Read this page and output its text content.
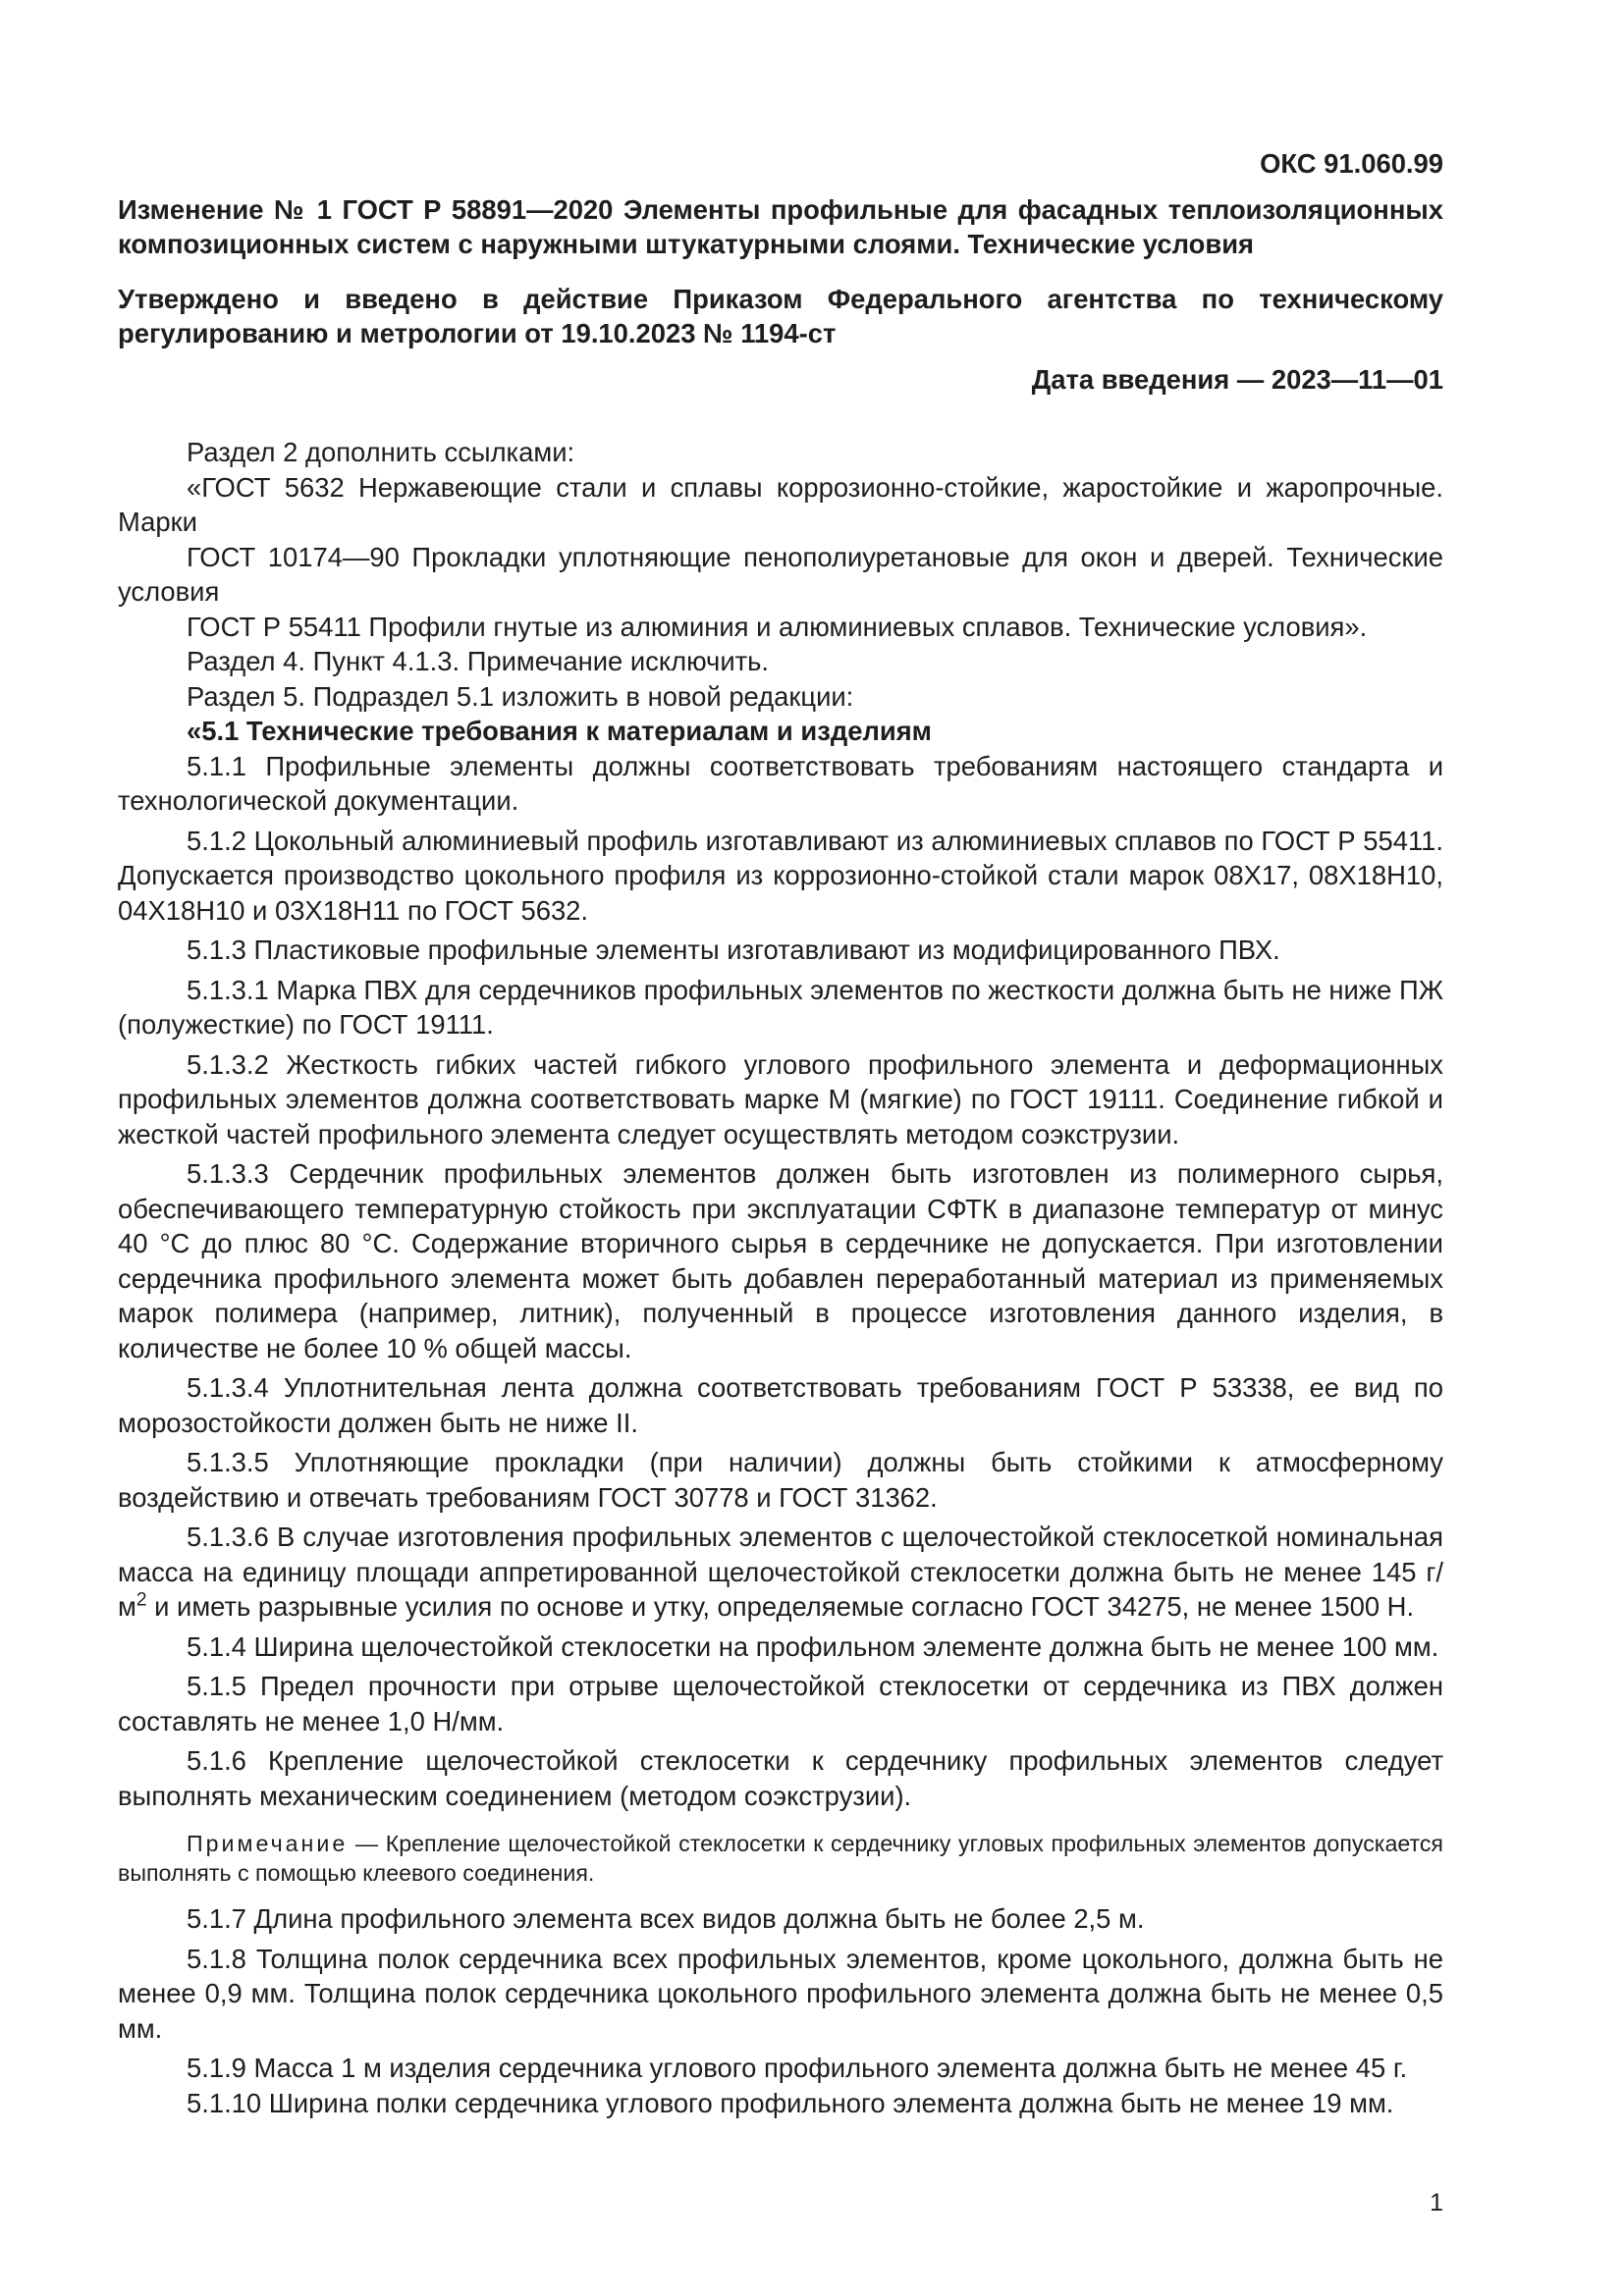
ОКС 91.060.99

Изменение № 1 ГОСТ Р 58891—2020 Элементы профильные для фасадных теплоизоляционных композиционных систем с наружными штукатурными слоями. Технические условия

Утверждено и введено в действие Приказом Федерального агентства по техническому регулированию и метрологии от 19.10.2023 № 1194-ст

Дата введения — 2023—11—01

Раздел 2 дополнить ссылками:

«ГОСТ 5632 Нержавеющие стали и сплавы коррозионно-стойкие, жаростойкие и жаропрочные. Марки

ГОСТ 10174—90 Прокладки уплотняющие пенополиуретановые для окон и дверей. Технические условия

ГОСТ Р 55411 Профили гнутые из алюминия и алюминиевых сплавов. Технические условия».

Раздел 4. Пункт 4.1.3. Примечание исключить.

Раздел 5. Подраздел 5.1 изложить в новой редакции:

«5.1 Технические требования к материалам и изделиям

5.1.1 Профильные элементы должны соответствовать требованиям настоящего стандарта и технологической документации.

5.1.2 Цокольный алюминиевый профиль изготавливают из алюминиевых сплавов по ГОСТ Р 55411. Допускается производство цокольного профиля из коррозионно-стойкой стали марок 08Х17, 08Х18Н10, 04Х18Н10 и 03Х18Н11 по ГОСТ 5632.

5.1.3 Пластиковые профильные элементы изготавливают из модифицированного ПВХ.

5.1.3.1 Марка ПВХ для сердечников профильных элементов по жесткости должна быть не ниже ПЖ (полужесткие) по ГОСТ 19111.

5.1.3.2 Жесткость гибких частей гибкого углового профильного элемента и деформационных профильных элементов должна соответствовать марке М (мягкие) по ГОСТ 19111. Соединение гибкой и жесткой частей профильного элемента следует осуществлять методом соэкструзии.

5.1.3.3 Сердечник профильных элементов должен быть изготовлен из полимерного сырья, обеспечивающего температурную стойкость при эксплуатации СФТК в диапазоне температур от минус 40 °С до плюс 80 °С. Содержание вторичного сырья в сердечнике не допускается. При изготовлении сердечника профильного элемента может быть добавлен переработанный материал из применяемых марок полимера (например, литник), полученный в процессе изготовления данного изделия, в количестве не более 10 % общей массы.

5.1.3.4 Уплотнительная лента должна соответствовать требованиям ГОСТ Р 53338, ее вид по морозостойкости должен быть не ниже II.

5.1.3.5 Уплотняющие прокладки (при наличии) должны быть стойкими к атмосферному воздействию и отвечать требованиям ГОСТ 30778 и ГОСТ 31362.

5.1.3.6 В случае изготовления профильных элементов с щелочестойкой стеклосеткой номинальная масса на единицу площади аппретированной щелочестойкой стеклосетки должна быть не менее 145 $г/м^2$ и иметь разрывные усилия по основе и утку, определяемые согласно ГОСТ 34275, не менее 1500 Н.

5.1.4 Ширина щелочестойкой стеклосетки на профильном элементе должна быть не менее 100 мм.

5.1.5 Предел прочности при отрыве щелочестойкой стеклосетки от сердечника из ПВХ должен составлять не менее 1,0 Н/мм.

5.1.6 Крепление щелочестойкой стеклосетки к сердечнику профильных элементов следует выполнять механическим соединением (методом соэкструзии).

Примечание — Крепление щелочестойкой стеклосетки к сердечнику угловых профильных элементов допускается выполнять с помощью клеевого соединения.

5.1.7 Длина профильного элемента всех видов должна быть не более 2,5 м.

5.1.8 Толщина полок сердечника всех профильных элементов, кроме цокольного, должна быть не менее 0,9 мм. Толщина полок сердечника цокольного профильного элемента должна быть не менее 0,5 мм.

5.1.9 Масса 1 м изделия сердечника углового профильного элемента должна быть не менее 45 г.

5.1.10 Ширина полки сердечника углового профильного элемента должна быть не менее 19 мм.

1
